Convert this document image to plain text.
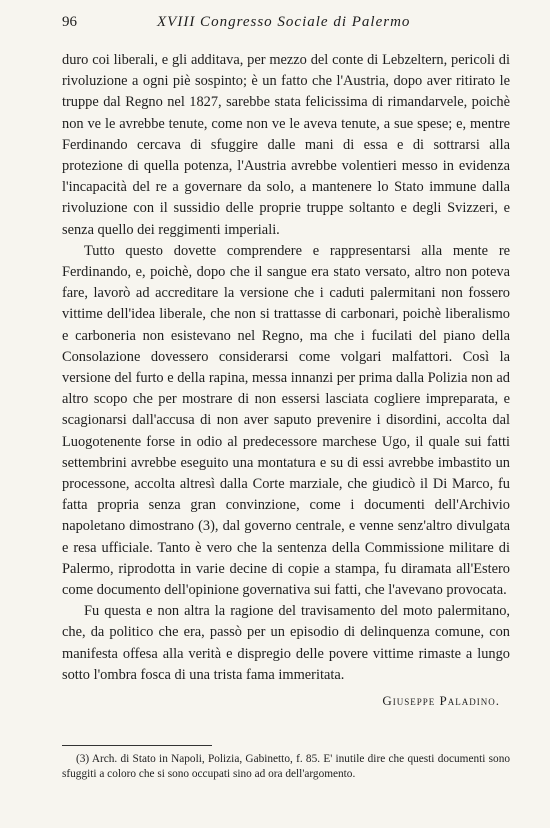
96	XVIII Congresso Sociale di Palermo

duro coi liberali, e gli additava, per mezzo del conte di Lebzeltern, pericoli di rivoluzione a ogni piè sospinto; è un fatto che l'Austria, dopo aver ritirato le truppe dal Regno nel 1827, sarebbe stata felicissima di rimandarvele, poichè non ve le avrebbe tenute, come non ve le aveva tenute, a sue spese; e, mentre Ferdinando cercava di sfuggire dalle mani di essa e di sottrarsi alla protezione di quella potenza, l'Austria avrebbe volentieri messo in evidenza l'incapacità del re a governare da solo, a mantenere lo Stato immune dalla rivoluzione con il sussidio delle proprie truppe soltanto e degli Svizzeri, e senza quello dei reggimenti imperiali.

Tutto questo dovette comprendere e rappresentarsi alla mente re Ferdinando, e, poichè, dopo che il sangue era stato versato, altro non poteva fare, lavorò ad accreditare la versione che i caduti palermitani non fossero vittime dell'idea liberale, che non si trattasse di carbonari, poichè liberalismo e carboneria non esistevano nel Regno, ma che i fucilati del piano della Consolazione dovessero considerarsi come volgari malfattori. Così la versione del furto e della rapina, messa innanzi per prima dalla Polizia non ad altro scopo che per mostrare di non essersi lasciata cogliere impreparata, e scagionarsi dall'accusa di non aver saputo prevenire i disordini, accolta dal Luogotenente forse in odio al predecessore marchese Ugo, il quale sui fatti settembrini avrebbe eseguito una montatura e su di essi avrebbe imbastito un processone, accolta altresì dalla Corte marziale, che giudicò il Di Marco, fu fatta propria senza gran convinzione, come i documenti dell'Archivio napoletano dimostrano (3), dal governo centrale, e venne senz'altro divulgata e resa ufficiale. Tanto è vero che la sentenza della Commissione militare di Palermo, riprodotta in varie decine di copie a stampa, fu diramata all'Estero come documento dell'opinione governativa sui fatti, che l'avevano provocata.

Fu questa e non altra la ragione del travisamento del moto palermitano, che, da politico che era, passò per un episodio di delinquenza comune, con manifesta offesa alla verità e dispregio delle povere vittime rimaste a lungo sotto l'ombra fosca di una trista fama immeritata.

Giuseppe Paladino.
(3) Arch. di Stato in Napoli, Polizia, Gabinetto, f. 85. E' inutile dire che questi documenti sono sfuggiti a coloro che si sono occupati sino ad ora dell'argomento.
